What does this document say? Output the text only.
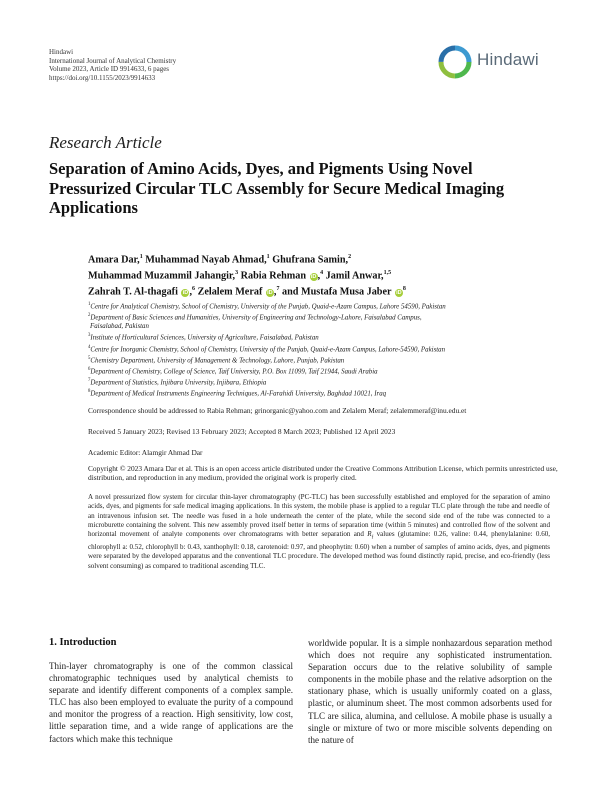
Hindawi
International Journal of Analytical Chemistry
Volume 2023, Article ID 9914633, 6 pages
https://doi.org/10.1155/2023/9914633
Hindawi
Research Article
Separation of Amino Acids, Dyes, and Pigments Using Novel Pressurized Circular TLC Assembly for Secure Medical Imaging Applications
Amara Dar,$^1$ Muhammad Nayab Ahmad,$^1$ Ghufrana Samin,$^2$
Muhammad Muzammil Jahangir,$^3$ Rabia Rehman iD,$^4$ Jamil Anwar,$^{1,5}$
Zahrah T. Al-thagafi iD,$^6$ Zelalem Meraf iD,$^7$ and Mustafa Musa Jaber $iD^8$
$^1$Centre for Analytical Chemistry, School of Chemistry, University of the Punjab, Quaid-e-Azam Campus, Lahore 54590, Pakistan
$^2$Department of Basic Sciences and Humanities, University of Engineering and Technology-Lahore, Faisalabad Campus,
Faisalabad, Pakistan
$^3$Institute of Horticultural Sciences, University of Agriculture, Faisalabad, Pakistan
$^4$Centre for Inorganic Chemistry, School of Chemistry, University of the Punjab, Quaid-e-Azam Campus, Lahore-54590, Pakistan
$^5$Chemistry Department, University of Management & Technology, Lahore, Punjab, Pakistan
$^6$Department of Chemistry, College of Science, Taif University, P.O. Box 11099, Taif 21944, Saudi Arabia
$^7$Department of Statistics, Injibara University, Injibara, Ethiopia
$^8$Department of Medical Instruments Engineering Techniques, Al-Farahidi University, Baghdad 10021, Iraq
Correspondence should be addressed to Rabia Rehman; grinorganic@yahoo.com and Zelalem Meraf; zelalemmeraf@inu.edu.et
Received 5 January 2023; Revised 13 February 2023; Accepted 8 March 2023; Published 12 April 2023
Academic Editor: Alamgir Ahmad Dar
Copyright © 2023 Amara Dar et al. This is an open access article distributed under the Creative Commons Attribution License, which permits unrestricted use, distribution, and reproduction in any medium, provided the original work is properly cited.
A novel pressurized flow system for circular thin-layer chromatography (PC-TLC) has been successfully established and employed for the separation of amino acids, dyes, and pigments for safe medical imaging applications. In this system, the mobile phase is applied to a regular TLC plate through the tube and needle of an intravenous infusion set. The needle was fused in a hole underneath the center of the plate, while the second side end of the tube was connected to a microburette containing the solvent. This new assembly proved itself better in terms of separation time (within 5 minutes) and controlled flow of the solvent and horizontal movement of analyte components over chromatograms with better separation and $R_f$ values (glutamine: 0.26, valine: 0.44, phenylalanine: 0.60, chlorophyll a: 0.52, chlorophyll b: 0.43, xanthophyll: 0.18, carotenoid: 0.97, and pheophytin: 0.60) when a number of samples of amino acids, dyes, and pigments were separated by the developed apparatus and the conventional TLC procedure. The developed method was found distinctly rapid, precise, and eco-friendly (less solvent consuming) as compared to traditional ascending TLC.
1. Introduction
Thin-layer chromatography is one of the common classical chromatographic techniques used by analytical chemists to separate and identify different components of a complex sample. TLC has also been employed to evaluate the purity of a compound and monitor the progress of a reaction. High sensitivity, low cost, little separation time, and a wide range of applications are the factors which make this technique
worldwide popular. It is a simple nonhazardous separation method which does not require any sophisticated instrumentation. Separation occurs due to the relative solubility of sample components in the mobile phase and the relative adsorption on the stationary phase, which is usually uniformly coated on a glass, plastic, or aluminum sheet. The most common adsorbents used for TLC are silica, alumina, and cellulose. A mobile phase is usually a single or mixture of two or more miscible solvents depending on the nature of
